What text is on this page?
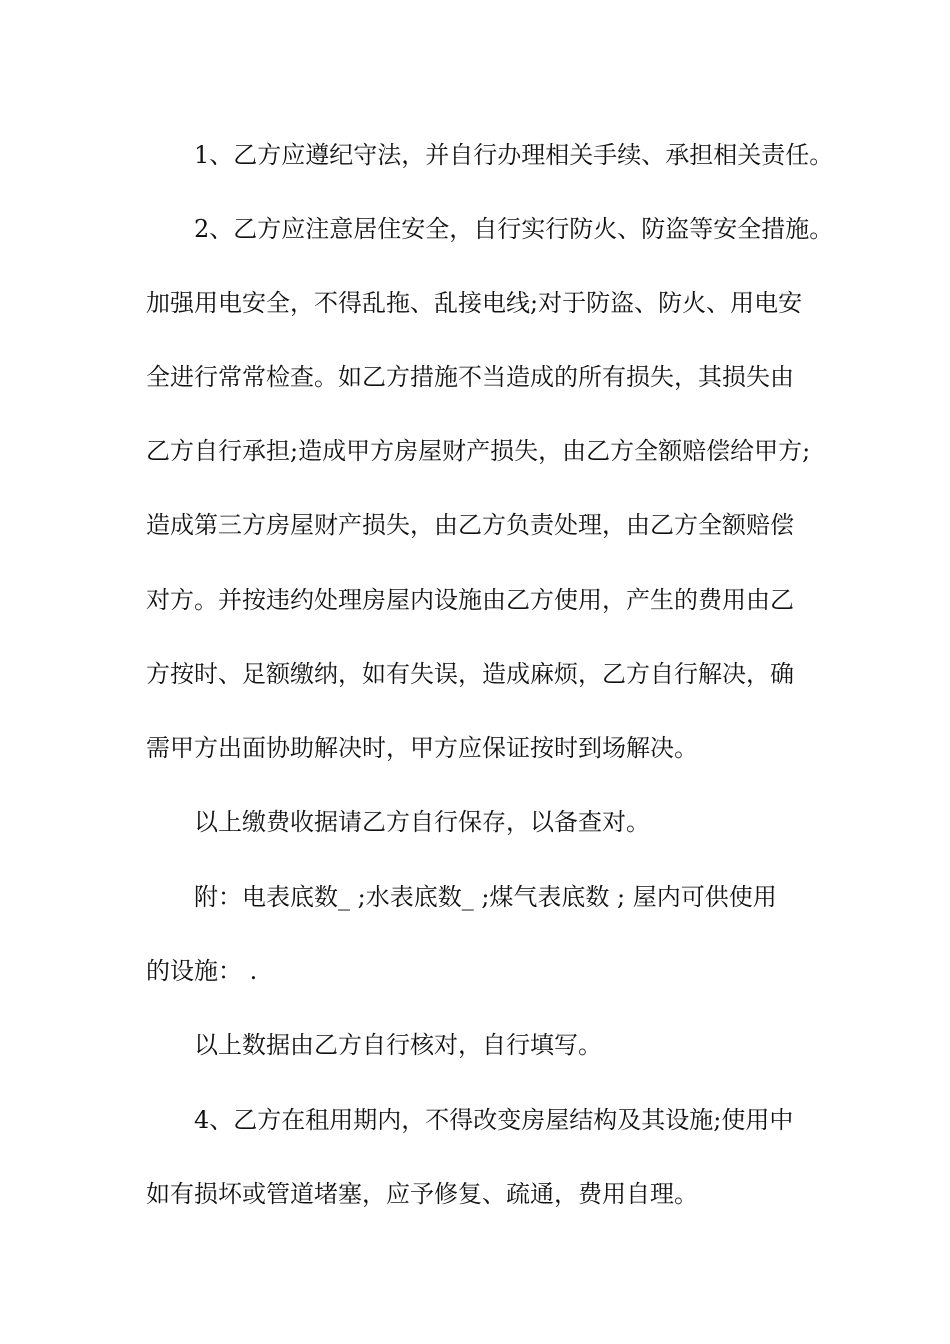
1、乙方应遵纪守法，并自行办理相关手续、承担相关责任。
2、乙方应注意居住安全，自行实行防火、防盗等安全措施。
加强用电安全，不得乱拖、乱接电线;对于防盗、防火、用电安
全进行常常检查。如乙方措施不当造成的所有损失，其损失由
乙方自行承担;造成甲方房屋财产损失，由乙方全额赔偿给甲方;
造成第三方房屋财产损失，由乙方负责处理，由乙方全额赔偿
对方。并按违约处理房屋内设施由乙方使用，产生的费用由乙
方按时、足额缴纳，如有失误，造成麻烦，乙方自行解决，确
需甲方出面协助解决时，甲方应保证按时到场解决。
以上缴费收据请乙方自行保存，以备查对。
附：电表底数_ ;水表底数_ ;煤气表底数 ; 屋内可供使用
的设施： .
以上数据由乙方自行核对，自行填写。
4、乙方在租用期内，不得改变房屋结构及其设施;使用中
如有损坏或管道堵塞，应予修复、疏通，费用自理。
